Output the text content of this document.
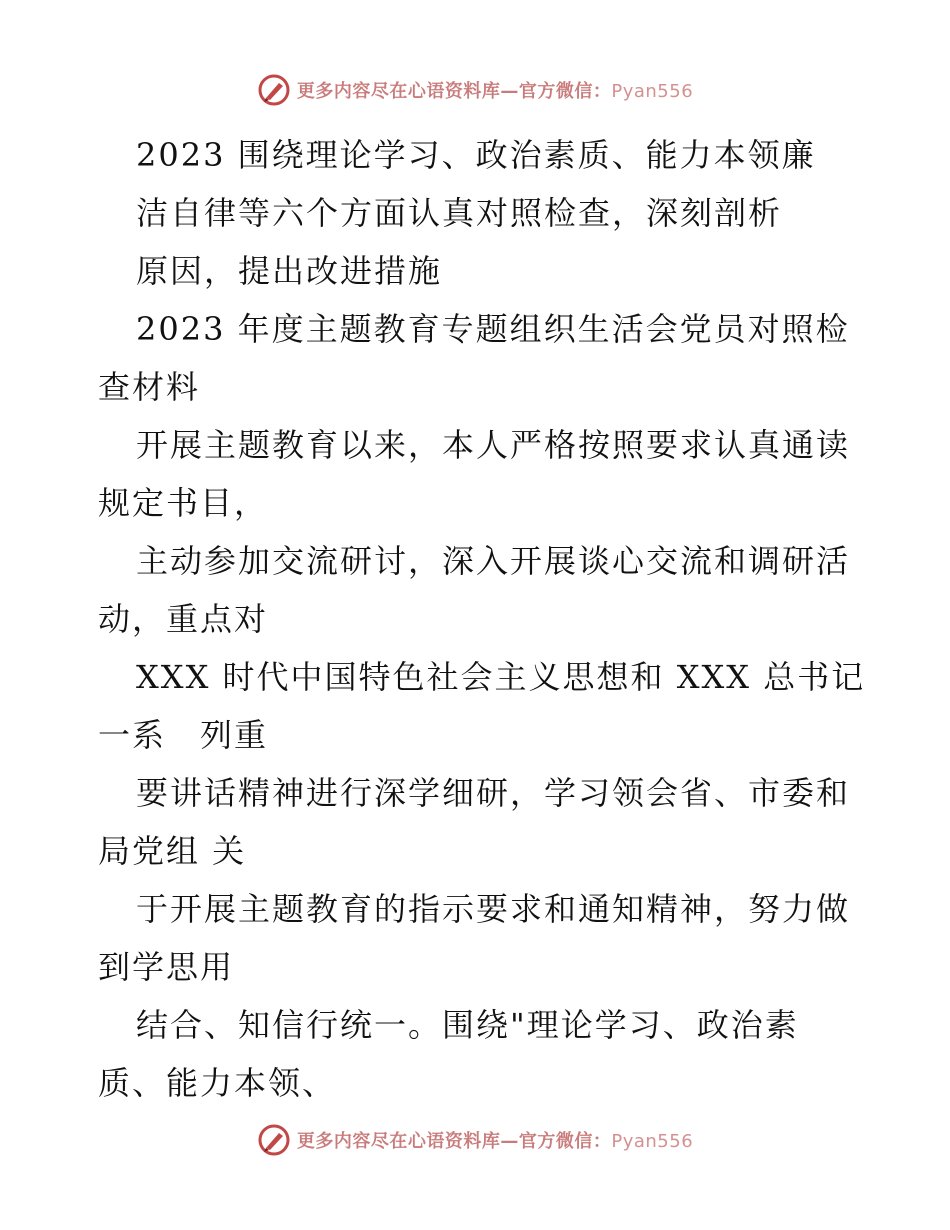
更多内容尽在心语资料库—官方微信：Pyan556
2023 围绕理论学习、政治素质、能力本领廉
洁自律等六个方面认真对照检查，深刻剖析
原因，提出改进措施
2023 年度主题教育专题组织生活会党员对照检
查材料
开展主题教育以来，本人严格按照要求认真通读
规定书目，
主动参加交流研讨，深入开展谈心交流和调研活
动，重点对
XXX 时代中国特色社会主义思想和 XXX 总书记
一系　列重
要讲话精神进行深学细研，学习领会省、市委和
局党组 关
于开展主题教育的指示要求和通知精神，努力做
到学思用
结合、知信行统一。围绕"理论学习、政治素
质、能力本领、
更多内容尽在心语资料库—官方微信：Pyan556
